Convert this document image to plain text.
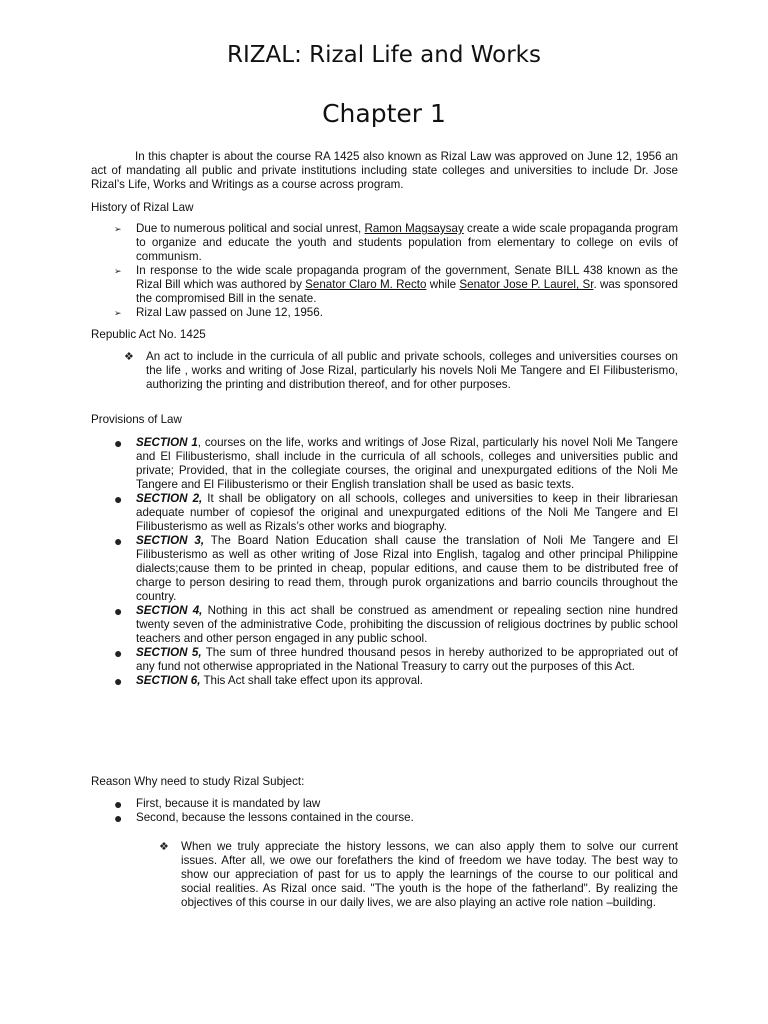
RIZAL: Rizal Life and Works
Chapter 1
In this chapter is about the course RA 1425 also known as Rizal Law was approved on June 12, 1956 an act of mandating all public and private institutions including state colleges and universities to include Dr. Jose Rizal’s Life, Works and Writings as a course across program.
History of Rizal Law
➢ Due to numerous political and social unrest, Ramon Magsaysay create a wide scale propaganda program to organize and educate the youth and students population from elementary to college on evils of communism.
➢ In response to the wide scale propaganda program of the government, Senate BILL 438 known as the Rizal Bill which was authored by Senator Claro M. Recto while Senator Jose P. Laurel, Sr. was sponsored the compromised Bill in the senate.
➢ Rizal Law passed on June 12, 1956.
Republic Act No. 1425
❖ An act to include in the curricula of all public and private schools, colleges and universities courses on the life , works and writing of Jose Rizal, particularly his novels Noli Me Tangere and El Filibusterismo, authorizing the printing and distribution thereof, and for other purposes.
Provisions of Law
● SECTION 1, courses on the life, works and writings of Jose Rizal, particularly his novel Noli Me Tangere and El Filibusterismo, shall include in the curricula of all schools, colleges and universities public and private; Provided, that in the collegiate courses, the original and unexpurgated editions of the Noli Me Tangere and El Filibusterismo or their English translation shall be used as basic texts.
● SECTION 2, It shall be obligatory on all schools, colleges and universities to keep in their librariesan adequate number of copiesof the original and unexpurgated editions of the Noli Me Tangere and El Filibusterismo as well as Rizals’s other works and biography.
● SECTION 3, The Board Nation Education shall cause the translation of Noli Me Tangere and El Filibusterismo as well as other writing of Jose Rizal into English, tagalog and other principal Philippine dialects;cause them to be printed in cheap, popular editions, and cause them to be distributed free of charge to person desiring to read them, through purok organizations and barrio councils throughout the country.
● SECTION 4, Nothing in this act shall be construed as amendment or repealing section nine hundred twenty seven of the administrative Code, prohibiting the discussion of religious doctrines by public school teachers and other person engaged in any public school.
● SECTION 5, The sum of three hundred thousand pesos in hereby authorized to be appropriated out of any fund not otherwise appropriated in the National Treasury to carry out the purposes of this Act.
● SECTION 6, This Act shall take effect upon its approval.
Reason Why need to study Rizal Subject:
● First, because it is mandated by law
● Second, because the lessons contained in the course.
❖ When we truly appreciate the history lessons, we can also apply them to solve our current issues. After all, we owe our forefathers the kind of freedom we have today. The best way to show our appreciation of past for us to apply the learnings of the course to our political and social realities. As Rizal once said. "The youth is the hope of the fatherland". By realizing the objectives of this course in our daily lives, we are also playing an active role nation –building.
